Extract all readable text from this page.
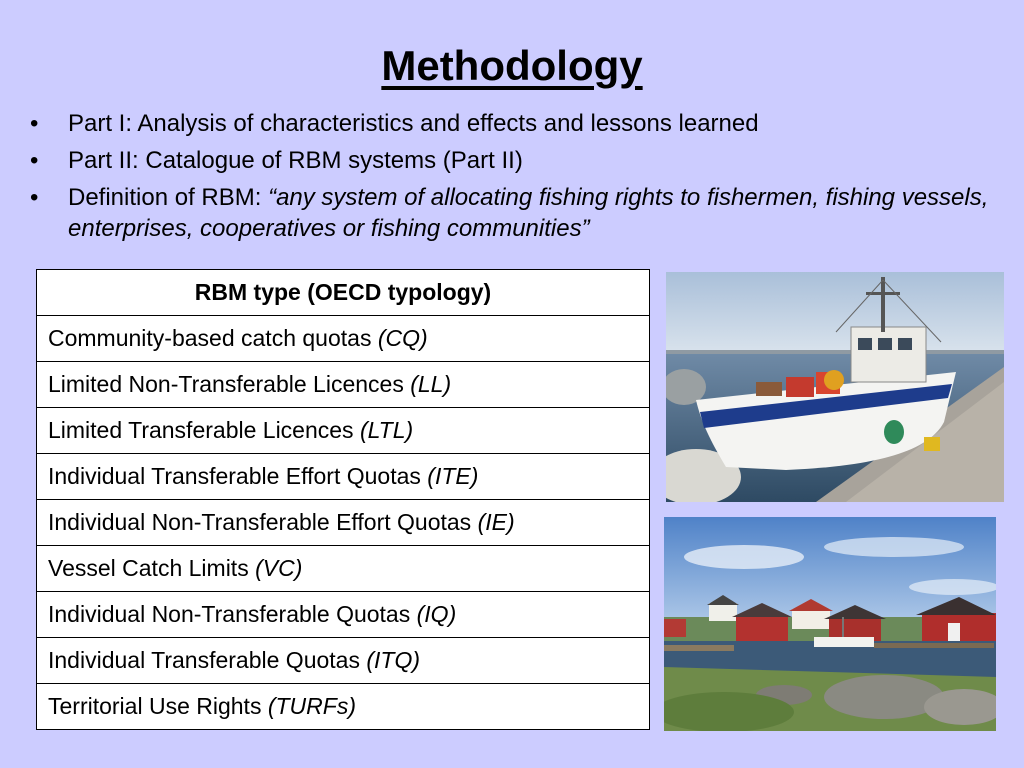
Methodology
• Part I: Analysis of characteristics and effects and lessons learned
• Part II: Catalogue of RBM systems (Part II)
• Definition of RBM: “any system of allocating fishing rights to fishermen, fishing vessels, enterprises, cooperatives or fishing communities”
RBM type (OECD typology)
Community-based catch quotas (CQ)
Limited Non-Transferable Licences (LL)
Limited Transferable Licences (LTL)
Individual Transferable Effort Quotas (ITE)
Individual Non-Transferable Effort Quotas (IE)
Vessel Catch Limits (VC)
Individual Non-Transferable Quotas (IQ)
Individual Transferable Quotas (ITQ)
Territorial Use Rights (TURFs)
